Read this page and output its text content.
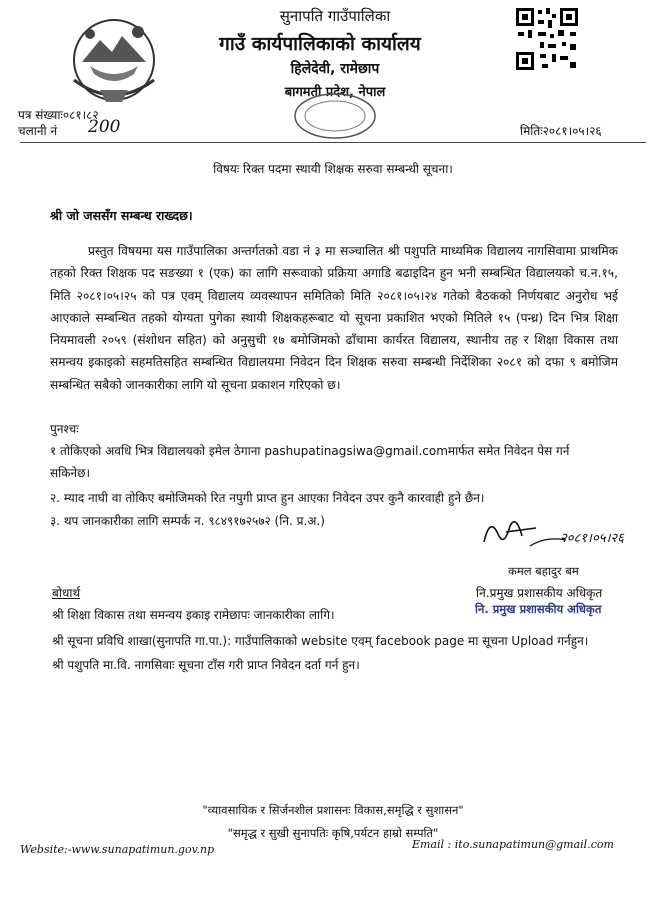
सुनापति गाउँपालिका
गाउँ कार्यपालिकाको कार्यालय
हिलेदेवी, रामेछाप
बागमती प्रदेश, नेपाल
पत्र संख्याः०८१।८२
चलानी नं 200	मितिः२०८१।०५।२६
विषयः रिक्त पदमा स्थायी शिक्षक सरुवा सम्बन्धी सूचना।
श्री जो जससँग सम्बन्ध राख्दछ।
प्रस्तुत विषयमा यस गाउँपालिका अन्तर्गतको वडा नं ३ मा सञ्चालित श्री पशुपति माध्यमिक विद्यालय नागसिवामा प्राथमिक तहको रिक्त शिक्षक पद सङख्या १ (एक) का लागि सरूवाको प्रक्रिया अगाडि बढाइदिन हुन भनी सम्बन्धित विद्यालयको च.न.१५, मिति २०८१।०५।२५ को पत्र एवम् विद्यालय व्यवस्थापन समितिको मिति २०८१।०५।२४ गतेको बैठकको निर्णयबाट अनुरोध भई आएकाले सम्बन्धित तहको योग्यता पुगेका स्थायी शिक्षकहरूबाट यो सूचना प्रकाशित भएको मितिले १५ (पन्ध्र) दिन भित्र शिक्षा नियमावली २०५९ (संशोधन सहित) को अनुसुची १७ बमोजिमको ढाँचामा कार्यरत विद्यालय, स्थानीय तह र शिक्षा विकास तथा समन्वय इकाइको सहमतिसहित सम्बन्धित विद्यालयमा निवेदन दिन शिक्षक सरुवा सम्बन्धी निर्देशिका २०८१ को दफा ९ बमोजिम सम्बन्धित सबैको जानकारीका लागि यो सूचना प्रकाशन गरिएको छ।
पुनश्चः
१ तोकिएको अवधि भित्र विद्यालयको इमेल ठेगाना pashupatinagsiwa@gmail.comमार्फत समेत निवेदन पेस गर्न सकिनेछ।
२. म्याद नाघी वा तोकिए बमोजिमको रित नपुगी प्राप्त हुन आएका निवेदन उपर कुनै कारवाही हुने छैन।
३. थप जानकारीका लागि सम्पर्क न. ९८४९१७२५७२ (नि. प्र.अ.)
२०८१।०५।२६
कमल बहादुर बम
नि.प्रमुख प्रशासकीय अधिकृत
नि. प्रमुख प्रशासकीय अधिकृत
बोधार्थ
श्री शिक्षा विकास तथा समन्वय इकाइ रामेछापः जानकारीका लागि।
श्री सूचना प्रविधि शाखा(सुनापति गा.पा.): गाउँपालिकाको website एवम् facebook page मा सूचना Upload गर्नहुन।
श्री पशुपति मा.वि. नागसिवाः सूचना टाँस गरी प्राप्त निवेदन दर्ता गर्न हुन।
"व्यावसायिक र सिर्जनशील प्रशासनः विकास,समृद्धि र सुशासन"
"समृद्ध र सुखी सुनापतिः कृषि,पर्यटन हाम्रो सम्पति"
Website:-www.sunapatimun.gov.np	Email : ito.sunapatimun@gmail.com
